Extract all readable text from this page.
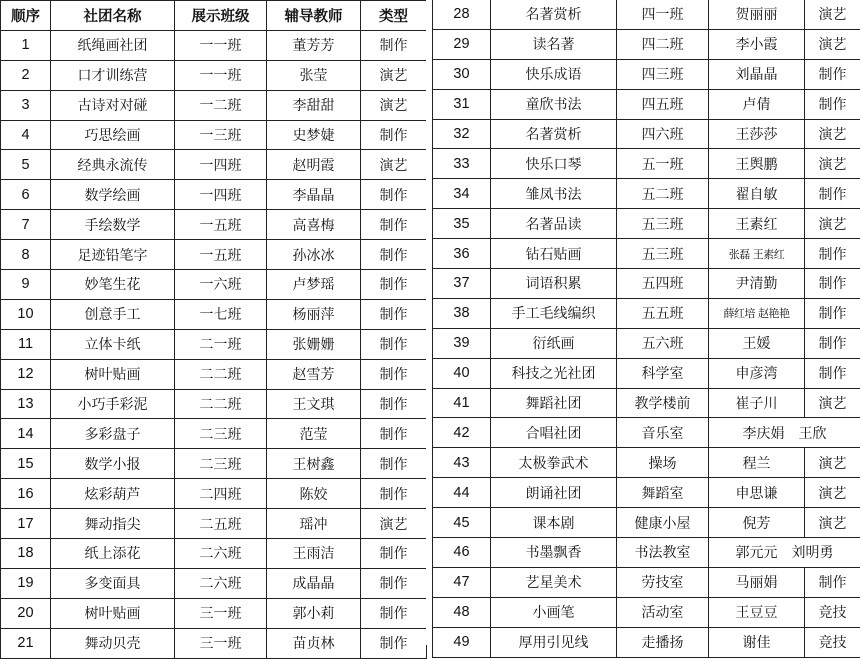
顺序	社团名称	展示班级	辅导教师	类型
1	纸绳画社团	一一班	董芳芳	制作
2	口才训练营	一一班	张莹	演艺
3	古诗对对碰	一二班	李甜甜	演艺
4	巧思绘画	一三班	史梦婕	制作
5	经典永流传	一四班	赵明霞	演艺
6	数学绘画	一四班	李晶晶	制作
7	手绘数学	一五班	高喜梅	制作
8	足迹铅笔字	一五班	孙冰冰	制作
9	妙笔生花	一六班	卢梦瑶	制作
10	创意手工	一七班	杨丽萍	制作
11	立体卡纸	二一班	张姗姗	制作
12	树叶贴画	二二班	赵雪芳	制作
13	小巧手彩泥	二二班	王文琪	制作
14	多彩盘子	二三班	范莹	制作
15	数学小报	二三班	王树鑫	制作
16	炫彩葫芦	二四班	陈姣	制作
17	舞动指尖	二五班	瑶冲	演艺
18	纸上添花	二六班	王雨洁	制作
19	多变面具	二六班	成晶晶	制作
20	树叶贴画	三一班	郭小莉	制作
21	舞动贝壳	三一班	苗贞林	制作
28	名著赏析	四一班	贺丽丽	演艺
29	读名著	四二班	李小霞	演艺
30	快乐成语	四三班	刘晶晶	制作
31	童欣书法	四五班	卢倩	制作
32	名著赏析	四六班	王莎莎	演艺
33	快乐口琴	五一班	王舆鹏	演艺
34	雏凤书法	五二班	翟自敏	制作
35	名著品读	五三班	王素红	演艺
36	钻石贴画	五三班	张磊 王素红	制作
37	词语积累	五四班	尹清勤	制作
38	手工毛线编织	五五班	薛红培 赵艳艳	制作
39	衍纸画	五六班	王媛	制作
40	科技之光社团	科学室	申彦湾	制作
41	舞蹈社团	教学楼前	崔子川	演艺
42	合唱社团	音乐室	李庆娟　王欣	
43	太极拳武术	操场	程兰	演艺
44	朗诵社团	舞蹈室	申思谦	演艺
45	课本剧	健康小屋	倪芳	演艺
46	书墨飘香	书法教室	郭元元　刘明勇	
47	艺星美术	劳技室	马丽娟	制作
48	小画笔	活动室	王豆豆	竞技
49	厚用引见线	走播扬	谢佳	竞技
